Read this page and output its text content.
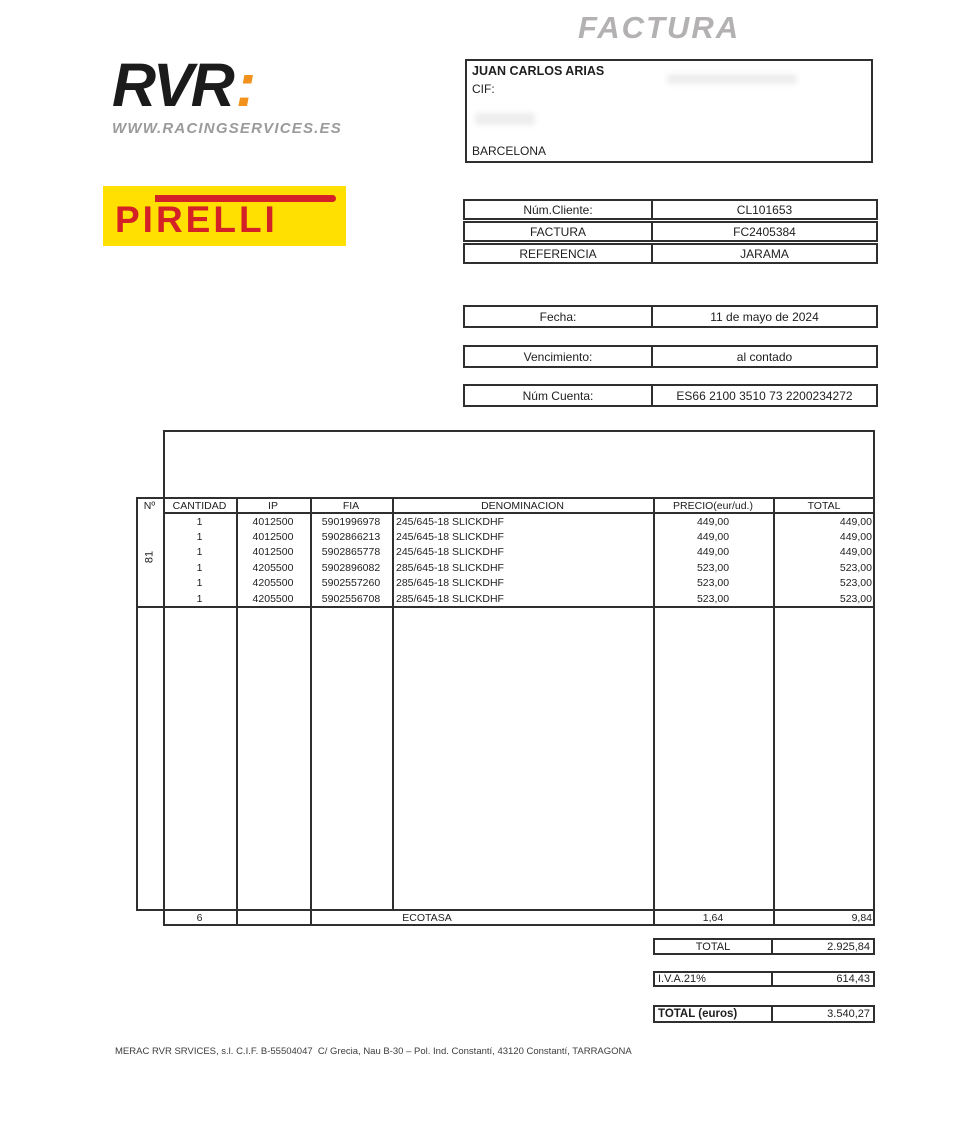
FACTURA
RVR:
WWW.RACINGSERVICES.ES
PIRELLI
JUAN CARLOS ARIAS
CIF:
BARCELONA
Núm.Cliente:	CL101653
FACTURA	FC2405384
REFERENCIA	JARAMA
Fecha:	11 de mayo de 2024
Vencimiento:	al contado
Núm Cuenta:	ES66 2100 3510 73 2200234272
Nº	CANTIDAD	IP	FIA	DENOMINACION	PRECIO(eur/ud.)	TOTAL
81
1	4012500	5901996978	245/645-18 SLICKDHF	449,00	449,00
1	4012500	5902866213	245/645-18 SLICKDHF	449,00	449,00
1	4012500	5902865778	245/645-18 SLICKDHF	449,00	449,00
1	4205500	5902896082	285/645-18 SLICKDHF	523,00	523,00
1	4205500	5902557260	285/645-18 SLICKDHF	523,00	523,00
1	4205500	5902556708	285/645-18 SLICKDHF	523,00	523,00
6	ECOTASA	1,64	9,84
TOTAL	2.925,84
I.V.A.21%	614,43
TOTAL (euros)	3.540,27
MERAC RVR SRVICES, s.l. C.I.F. B-55504047  C/ Grecia, Nau B-30 – Pol. Ind. Constantí, 43120 Constantí, TARRAGONA
